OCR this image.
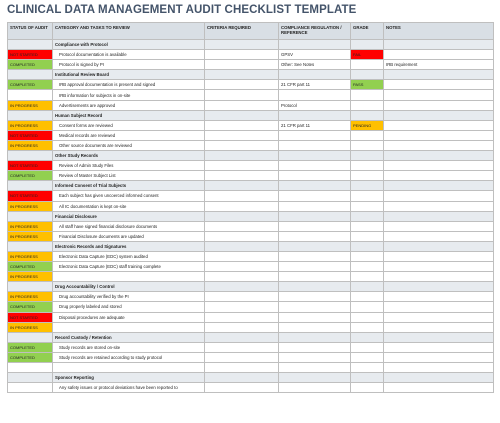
CLINICAL DATA MANAGEMENT AUDIT CHECKLIST TEMPLATE
STATUS OF AUDIT	CATEGORY AND TASKS TO REVIEW	CRITERIA REQUIRED	COMPLIANCE REGULATION / REFERENCE	GRADE	NOTES
	Compliance with Protocol				
NOT STARTED	Protocol documentation is available		GPSV	FAIL	
COMPLETED	Protocol is signed by PI		Other: See Notes		IRB requirement
	Institutional Review Board				
COMPLETED	IRB approval documentation is present and signed		21 CFR part 11	PASS	
	IRB information for subjects in on-site				
IN PROGRESS	Advertisements are approved		Protocol		
	Human Subject Record				
IN PROGRESS	Consent forms are reviewed		21 CFR part 11	PENDING	
NOT STARTED	Medical records are reviewed				
IN PROGRESS	Other source documents are reviewed				
	Other Study Records				
NOT STARTED	Review of Admin Study Files				
COMPLETED	Review of Master Subject List				
	Informed Consent of Trial Subjects				
NOT STARTED	Each subject has given uncoerced informed consent				
IN PROGRESS	All IC documentation is kept on-site				
	Financial Disclosure				
IN PROGRESS	All staff have signed financial disclosure documents				
IN PROGRESS	Financial Disclosure documents are updated				
	Electronic Records and Signatures				
IN PROGRESS	Electronic Data Capture (EDC) system audited				
COMPLETED	Electronic Data Capture (EDC) staff training complete				
IN PROGRESS					
	Drug Accountability / Control				
IN PROGRESS	Drug accountability verified by the PI				
COMPLETED	Drug properly labeled and stored				
NOT STARTED	Disposal procedures are adequate				
IN PROGRESS					
	Record Custody / Retention				
COMPLETED	Study records are stored on-site				
COMPLETED	Study records are retained according to study protocol				

	Sponsor Reporting				
	Any safety issues or protocol deviations have been reported to				
